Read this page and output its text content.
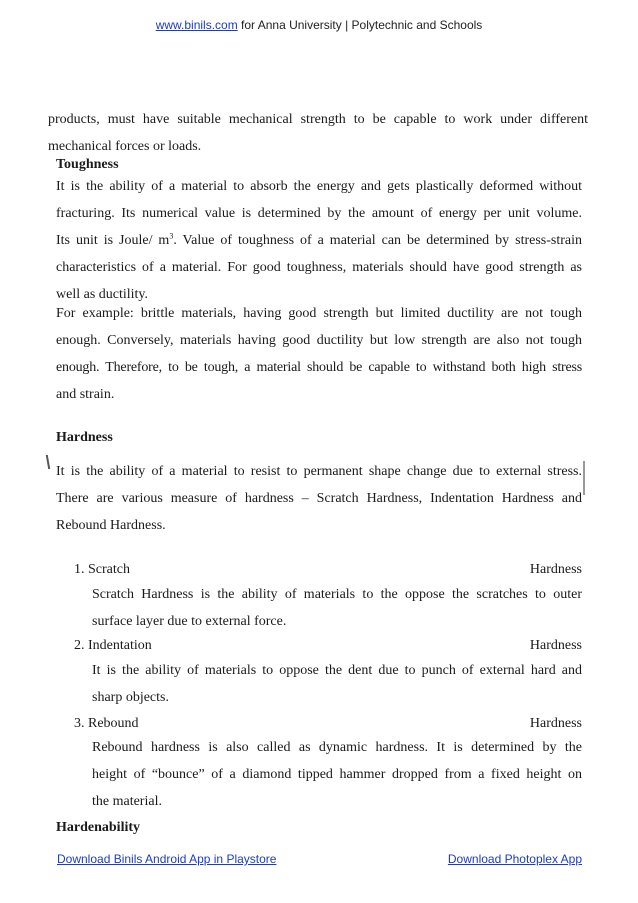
www.binils.com for Anna University | Polytechnic and Schools
products, must have suitable mechanical strength to be capable to work under different
mechanical forces or loads.
Toughness
It is the ability of a material to absorb the energy and gets plastically deformed without
fracturing. Its numerical value is determined by the amount of energy per unit volume.
Its unit is Joule/ $m^3$. Value of toughness of a material can be determined by stress-strain
characteristics of a material. For good toughness, materials should have good strength as
well as ductility.
For example: brittle materials, having good strength but limited ductility are not tough
enough. Conversely, materials having good ductility but low strength are also not tough
enough. Therefore, to be tough, a material should be capable to withstand both high stress
and strain.
Hardness
It is the ability of a material to resist to permanent shape change due to external stress.
There are various measure of hardness – Scratch Hardness, Indentation Hardness and
Rebound Hardness.
1. Scratch	Hardness
Scratch Hardness is the ability of materials to the oppose the scratches to outer
surface layer due to external force.
2. Indentation	Hardness
It is the ability of materials to oppose the dent due to punch of external hard and
sharp objects.
3. Rebound	Hardness
Rebound hardness is also called as dynamic hardness. It is determined by the
height of “bounce” of a diamond tipped hammer dropped from a fixed height on
the material.
Hardenability
Download Binils Android App in Playstore	Download Photoplex App
